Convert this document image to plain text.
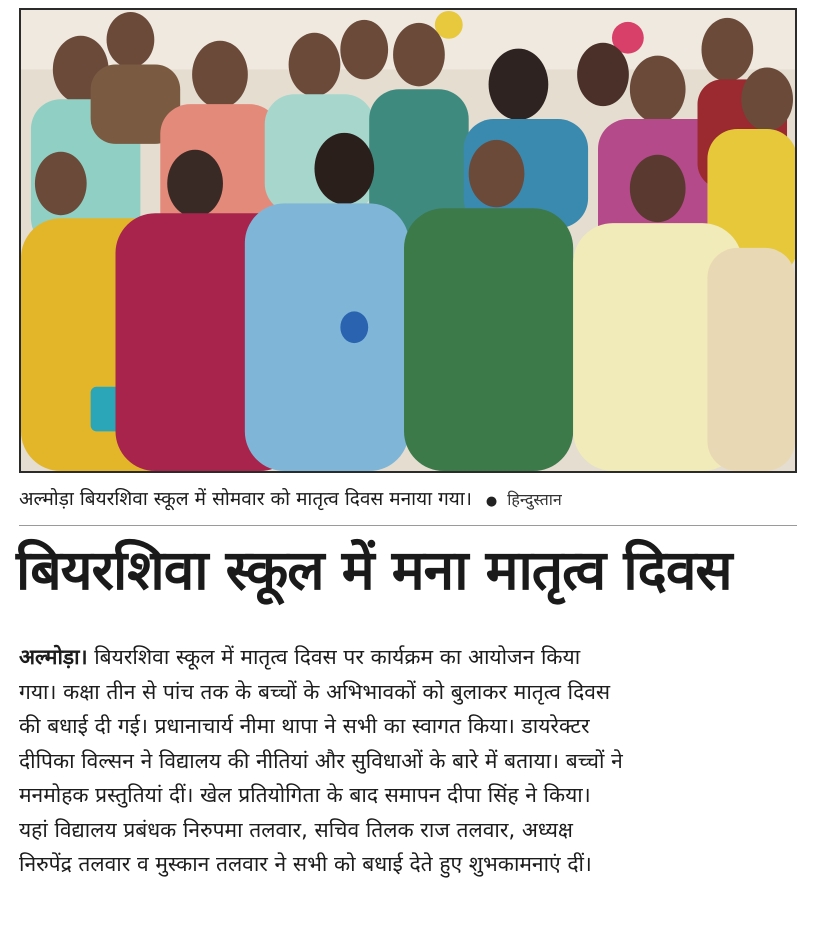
अल्मोड़ा बियरशिवा स्कूल में सोमवार को मातृत्व दिवस मनाया गया। ● हिन्दुस्तान
बियरशिवा स्कूल में मना मातृत्व दिवस
अल्मोड़ा। बियरशिवा स्कूल में मातृत्व दिवस पर कार्यक्रम का आयोजन किया
गया। कक्षा तीन से पांच तक के बच्चों के अभिभावकों को बुलाकर मातृत्व दिवस
की बधाई दी गई। प्रधानाचार्य नीमा थापा ने सभी का स्वागत किया। डायरेक्टर
दीपिका विल्सन ने विद्यालय की नीतियां और सुविधाओं के बारे में बताया। बच्चों ने
मनमोहक प्रस्तुतियां दीं। खेल प्रतियोगिता के बाद समापन दीपा सिंह ने किया।
यहां विद्यालय प्रबंधक निरुपमा तलवार, सचिव तिलक राज तलवार, अध्यक्ष
निरुपेंद्र तलवार व मुस्कान तलवार ने सभी को बधाई देते हुए शुभकामनाएं दीं।
